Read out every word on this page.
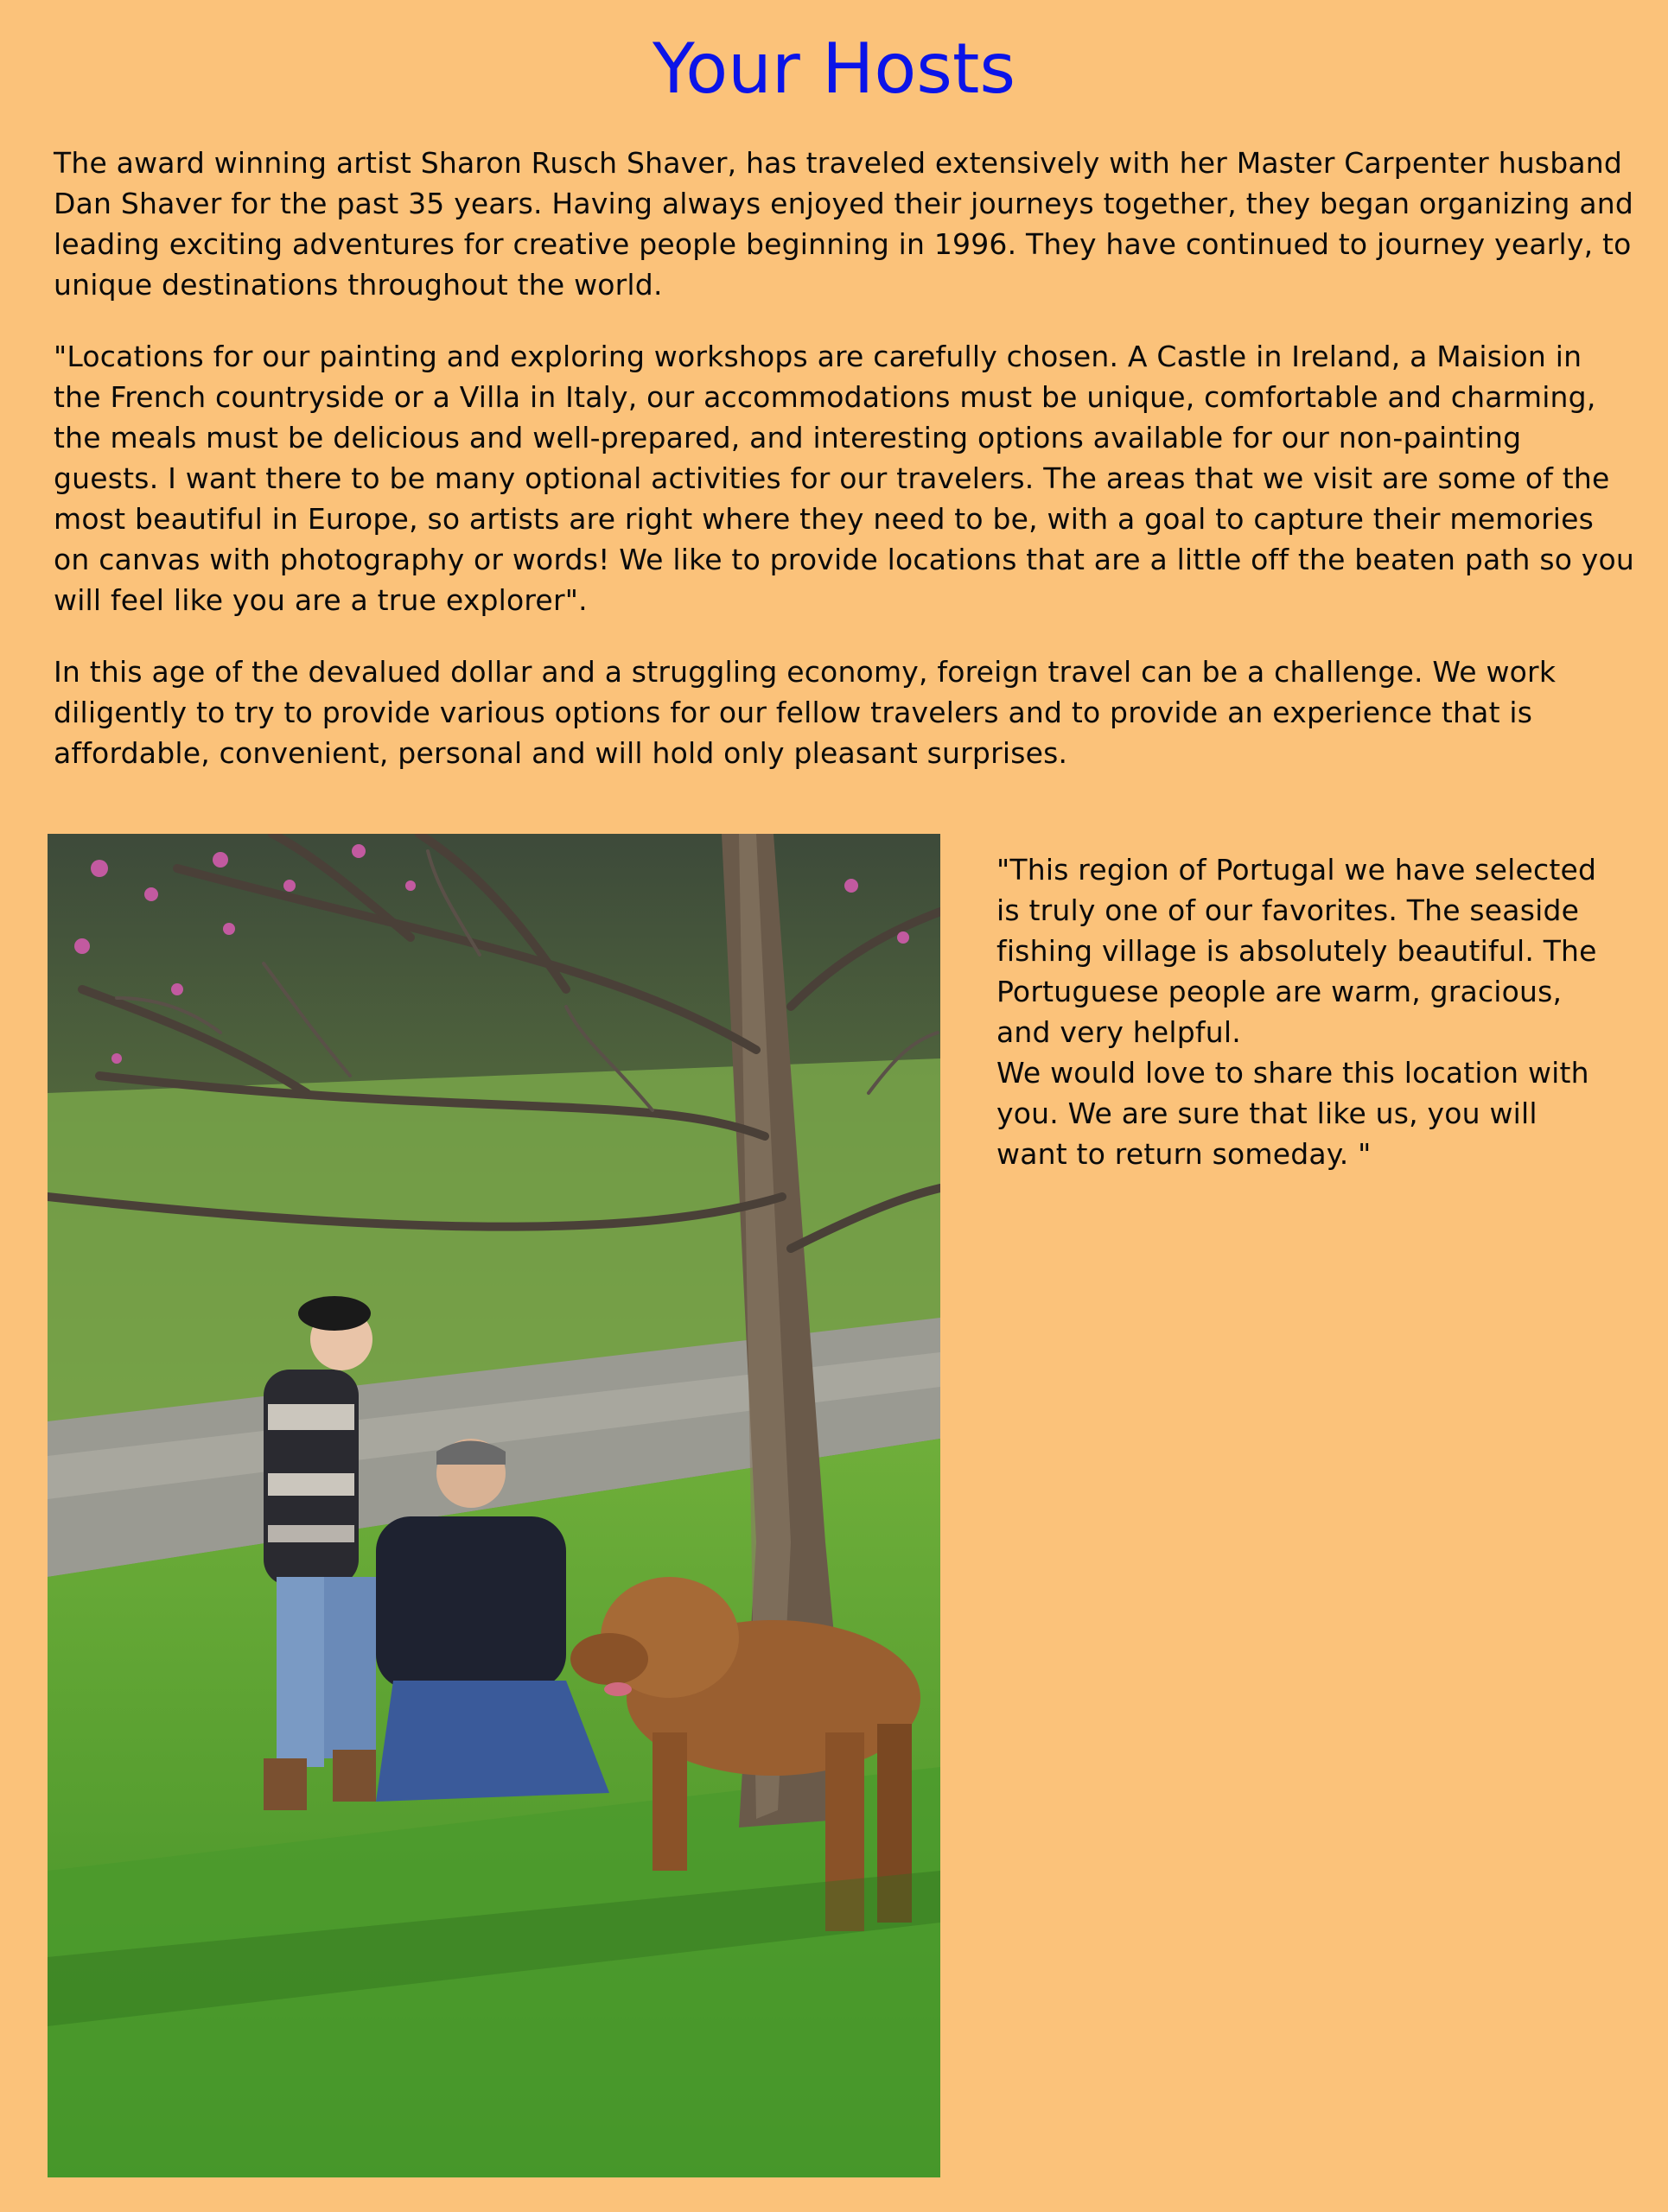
Your Hosts

The award winning artist Sharon Rusch Shaver, has traveled extensively with her Master Carpenter husband Dan Shaver for the past 35 years. Having always enjoyed their journeys together, they began organizing and leading exciting adventures for creative people beginning in 1996. They have continued to journey yearly, to unique destinations throughout the world.

"Locations for our painting and exploring workshops are carefully chosen. A Castle in Ireland, a Maision in the French countryside or a Villa in Italy, our accommodations must be unique, comfortable and charming, the meals must be delicious and well-prepared, and interesting options available for our non-painting guests. I want there to be many optional activities for our travelers. The areas that we visit are some of the most beautiful in Europe, so artists are right where they need to be, with a goal to capture their memories on canvas with photography or words! We like to provide locations that are a little off the beaten path so you will feel like you are a true explorer".

In this age of the devalued dollar and a struggling economy, foreign travel can be a challenge. We work diligently to try to provide various options for our fellow travelers and to provide an experience that is affordable, convenient, personal and will hold only pleasant surprises.

"This region of Portugal we have selected is truly one of our favorites. The seaside fishing village is absolutely beautiful. The Portuguese people are warm, gracious, and very helpful.

We would love to share this location with you. We are sure that like us, you will want to return someday. "
